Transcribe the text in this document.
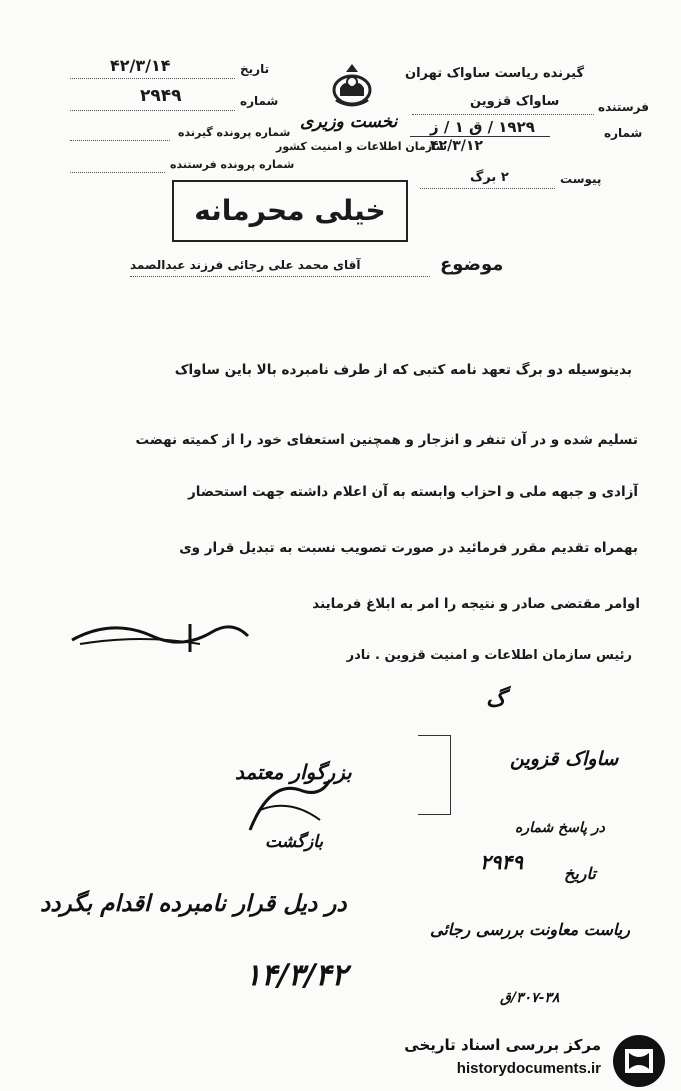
نخست وزیری
سازمان اطلاعات و امنیت کشور
گیرنده ریاست ساواک تهران
فرستنده
ساواک قزوین
شماره
۱۹۲۹ / ق ۱ / ز
۴۲/۳/۱۲
پیوست
۲ برگ
تاریخ
۴۲/۳/۱۴
شماره
۲۹۴۹
شماره پرونده گیرنده
شماره پرونده فرستنده
خیلی محرمانه
موضوع
آقای محمد علی رجائی فرزند عبدالصمد
بدینوسیله دو برگ تعهد نامه کتبی که از طرف نامبرده بالا باین ساواک
تسلیم شده و در آن تنفر و انزجار و همچنین استعفای خود را از کمیته نهضت
آزادی و جبهه ملی و احزاب وابسته به آن اعلام داشته جهت استحضار
بهمراه تقدیم مقرر فرمائید در صورت تصویب نسبت به تبدیل قرار وی
اوامر مقتضی صادر و نتیجه را امر به ابلاغ فرمایند
رئیس سازمان اطلاعات و امنیت قزوین . نادر
گ
ساواک قزوین
بزرگوار معتمد
در پاسخ شماره
۲۹۴۹	تاریخ
بازگشت
در دیل قرار نامبرده اقدام بگردد
ریاست معاونت بررسی رجائی
۱۴/۳/۴۲
۳۰۷-۳۸/ق
مرکز بررسی اسناد تاریخی
historydocuments.ir
